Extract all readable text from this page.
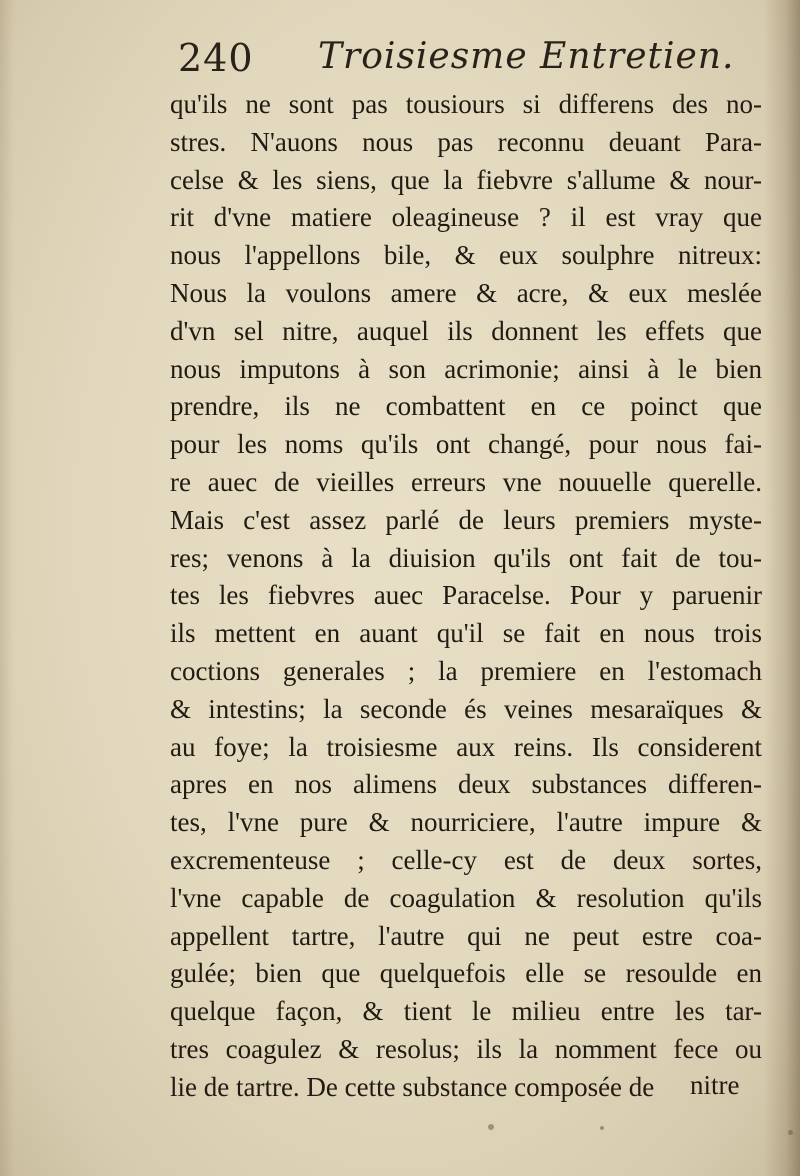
240 Troisiesme Entretien.
qu'ils ne sont pas tousiours si differens des no-
stres. N'auons nous pas reconnu deuant Para-
celse & les siens, que la fiebvre s'allume & nour-
rit d'vne matiere oleagineuse ? il est vray que
nous l'appellons bile, & eux soulphre nitreux:
Nous la voulons amere & acre, & eux meslée
d'vn sel nitre, auquel ils donnent les effets que
nous imputons à son acrimonie; ainsi à le bien
prendre, ils ne combattent en ce poinct que
pour les noms qu'ils ont changé, pour nous fai-
re auec de vieilles erreurs vne nouuelle querelle.
Mais c'est assez parlé de leurs premiers myste-
res; venons à la diuision qu'ils ont fait de tou-
tes les fiebvres auec Paracelse. Pour y paruenir
ils mettent en auant qu'il se fait en nous trois
coctions generales ; la premiere en l'estomach
& intestins; la seconde és veines mesaraïques &
au foye; la troisiesme aux reins. Ils considerent
apres en nos alimens deux substances differen-
tes, l'vne pure & nourriciere, l'autre impure &
excrementeuse ; celle-cy est de deux sortes,
l'vne capable de coagulation & resolution qu'ils
appellent tartre, l'autre qui ne peut estre coa-
gulée; bien que quelquefois elle se resoulde en
quelque façon, & tient le milieu entre les tar-
tres coagulez & resolus; ils la nomment fece ou
lie de tartre. De cette substance composée de	nitre
